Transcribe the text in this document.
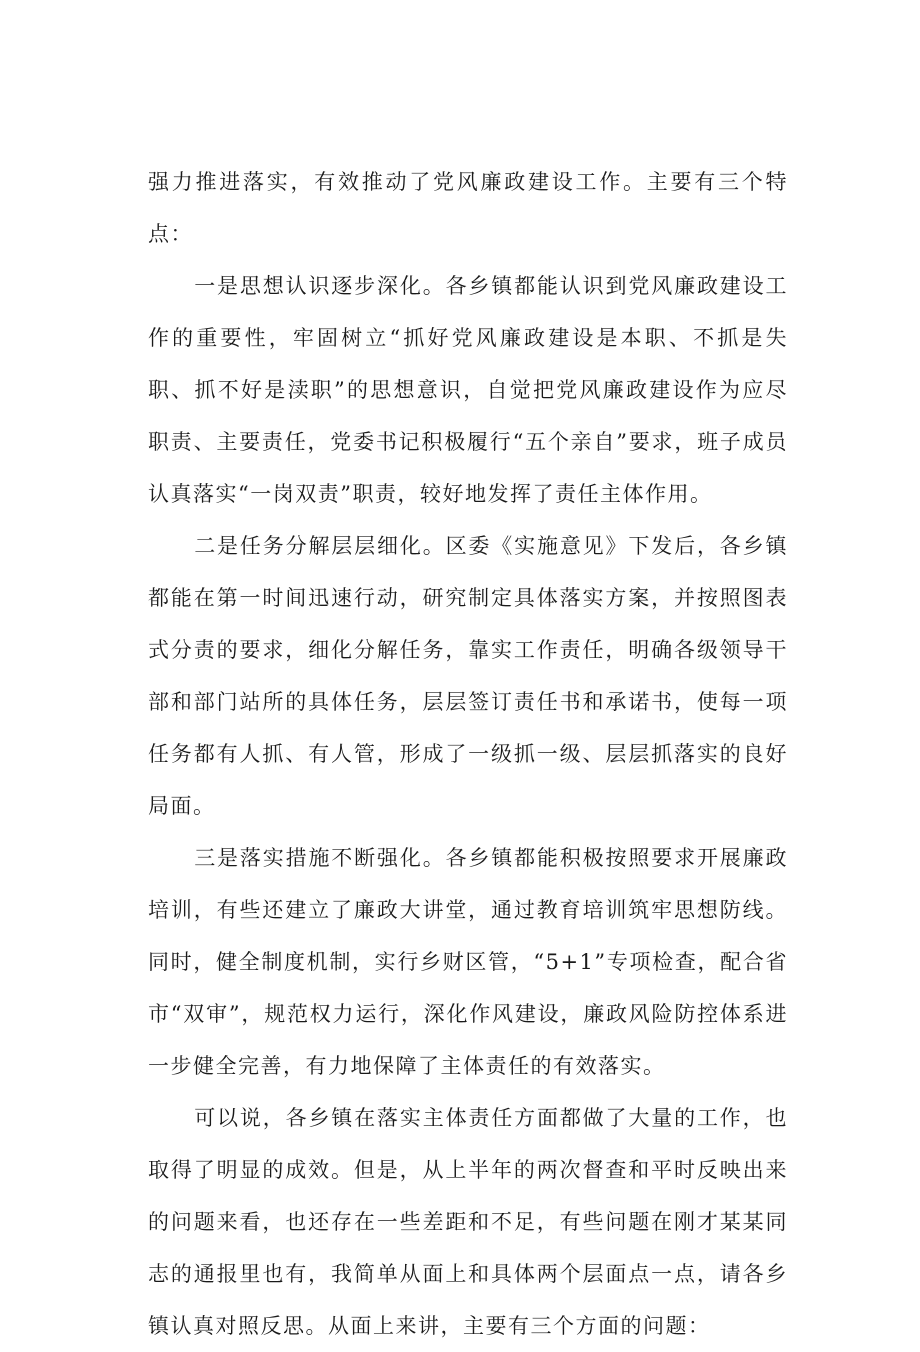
强力推进落实，有效推动了党风廉政建设工作。主要有三个特点：

一是思想认识逐步深化。各乡镇都能认识到党风廉政建设工作的重要性，牢固树立“抓好党风廉政建设是本职、不抓是失职、抓不好是渎职”的思想意识，自觉把党风廉政建设作为应尽职责、主要责任，党委书记积极履行“五个亲自”要求，班子成员认真落实“一岗双责”职责，较好地发挥了责任主体作用。

二是任务分解层层细化。区委《实施意见》下发后，各乡镇都能在第一时间迅速行动，研究制定具体落实方案，并按照图表式分责的要求，细化分解任务，靠实工作责任，明确各级领导干部和部门站所的具体任务，层层签订责任书和承诺书，使每一项任务都有人抓、有人管，形成了一级抓一级、层层抓落实的良好局面。

三是落实措施不断强化。各乡镇都能积极按照要求开展廉政培训，有些还建立了廉政大讲堂，通过教育培训筑牢思想防线。同时，健全制度机制，实行乡财区管，“5+1”专项检查，配合省市“双审”，规范权力运行，深化作风建设，廉政风险防控体系进一步健全完善，有力地保障了主体责任的有效落实。

可以说，各乡镇在落实主体责任方面都做了大量的工作，也取得了明显的成效。但是，从上半年的两次督查和平时反映出来的问题来看，也还存在一些差距和不足，有些问题在刚才某某同志的通报里也有，我简单从面上和具体两个层面点一点，请各乡镇认真对照反思。从面上来讲，主要有三个方面的问题：
